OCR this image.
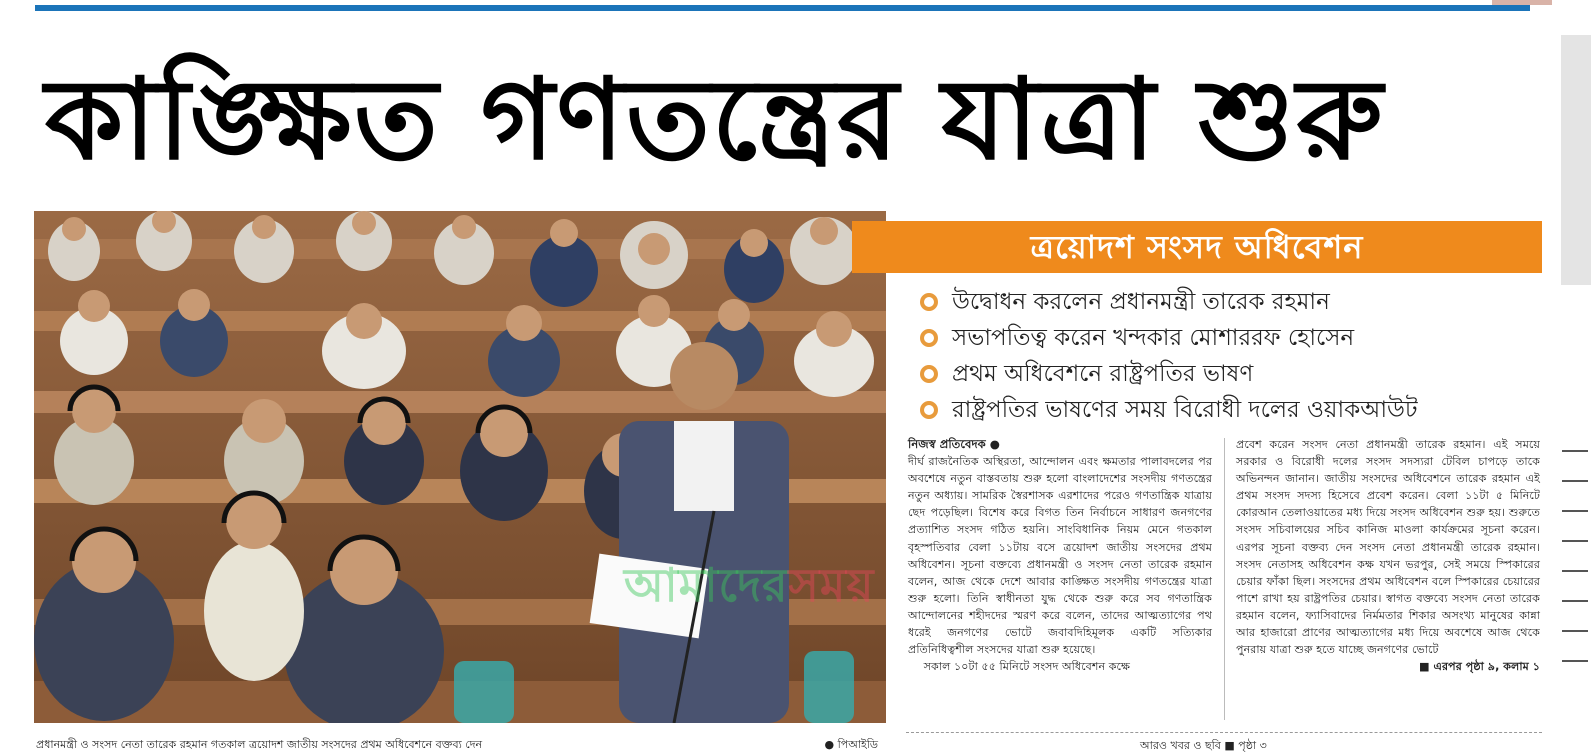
কাঙ্ক্ষিত গণতন্ত্রের যাত্রা শুরু
আমাদেরসময়
প্রধানমন্ত্রী ও সংসদ নেতা তারেক রহমান গতকাল ত্রয়োদশ জাতীয় সংসদের প্রথম অধিবেশনে বক্তব্য দেন	● পিআইডি
ত্রয়োদশ সংসদ অধিবেশন
উদ্বোধন করলেন প্রধানমন্ত্রী তারেক রহমান
সভাপতিত্ব করেন খন্দকার মোশাররফ হোসেন
প্রথম অধিবেশনে রাষ্ট্রপতির ভাষণ
রাষ্ট্রপতির ভাষণের সময় বিরোধী দলের ওয়াকআউট

নিজস্ব প্রতিবেদক ●

দীর্ঘ রাজনৈতিক অস্থিরতা, আন্দোলন এবং ক্ষমতার পালাবদলের পর অবশেষে নতুন বাস্তবতায় শুরু হলো বাংলাদেশের সংসদীয় গণতন্ত্রের নতুন অধ্যায়। সামরিক স্বৈরশাসক এরশাদের পরেও গণতান্ত্রিক যাত্রায় ছেদ পড়েছিল। বিশেষ করে বিগত তিন নির্বাচনে সাধারণ জনগণের প্রত্যাশিত সংসদ গঠিত হয়নি। সাংবিধানিক নিয়ম মেনে গতকাল বৃহস্পতিবার বেলা ১১টায় বসে ত্রয়োদশ জাতীয় সংসদের প্রথম অধিবেশন। সূচনা বক্তব্যে প্রধানমন্ত্রী ও সংসদ নেতা তারেক রহমান বলেন, আজ থেকে দেশে আবার কাঙ্ক্ষিত সংসদীয় গণতন্ত্রের যাত্রা শুরু হলো। তিনি স্বাধীনতা যুদ্ধ থেকে শুরু করে সব গণতান্ত্রিক আন্দোলনের শহীদদের স্মরণ করে বলেন, তাদের আত্মত্যাগের পথ ধরেই জনগণের ভোটে জবাবদিহিমূলক একটি সত্যিকার প্রতিনিধিত্বশীল সংসদের যাত্রা শুরু হয়েছে।

সকাল ১০টা ৫৫ মিনিটে সংসদ অধিবেশন কক্ষে

প্রবেশ করেন সংসদ নেতা প্রধানমন্ত্রী তারেক রহমান। এই সময়ে সরকার ও বিরোধী দলের সংসদ সদস্যরা টেবিল চাপড়ে তাকে অভিনন্দন জানান। জাতীয় সংসদের অধিবেশনে তারেক রহমান এই প্রথম সংসদ সদস্য হিসেবে প্রবেশ করেন। বেলা ১১টা ৫ মিনিটে কোরআন তেলাওয়াতের মধ্য দিয়ে সংসদ অধিবেশন শুরু হয়। শুরুতে সংসদ সচিবালয়ের সচিব কানিজ মাওলা কার্যক্রমের সূচনা করেন। এরপর সূচনা বক্তব্য দেন সংসদ নেতা প্রধানমন্ত্রী তারেক রহমান। সংসদ নেতাসহ অধিবেশন কক্ষ যখন ভরপুর, সেই সময়ে স্পিকারের চেয়ার ফাঁকা ছিল। সংসদের প্রথম অধিবেশন বলে স্পিকারের চেয়ারের পাশে রাখা হয় রাষ্ট্রপতির চেয়ার। স্বাগত বক্তব্যে সংসদ নেতা তারেক রহমান বলেন, ফ্যাসিবাদের নির্মমতার শিকার অসংখ্য মানুষের কান্না আর হাজারো প্রাণের আত্মত্যাগের মধ্য দিয়ে অবশেষে আজ থেকে পুনরায় যাত্রা শুরু হতে যাচ্ছে জনগণের ভোটে

■ এরপর পৃষ্ঠা ৯, কলাম ১

আরও খবর ও ছবি ■ পৃষ্ঠা ৩
